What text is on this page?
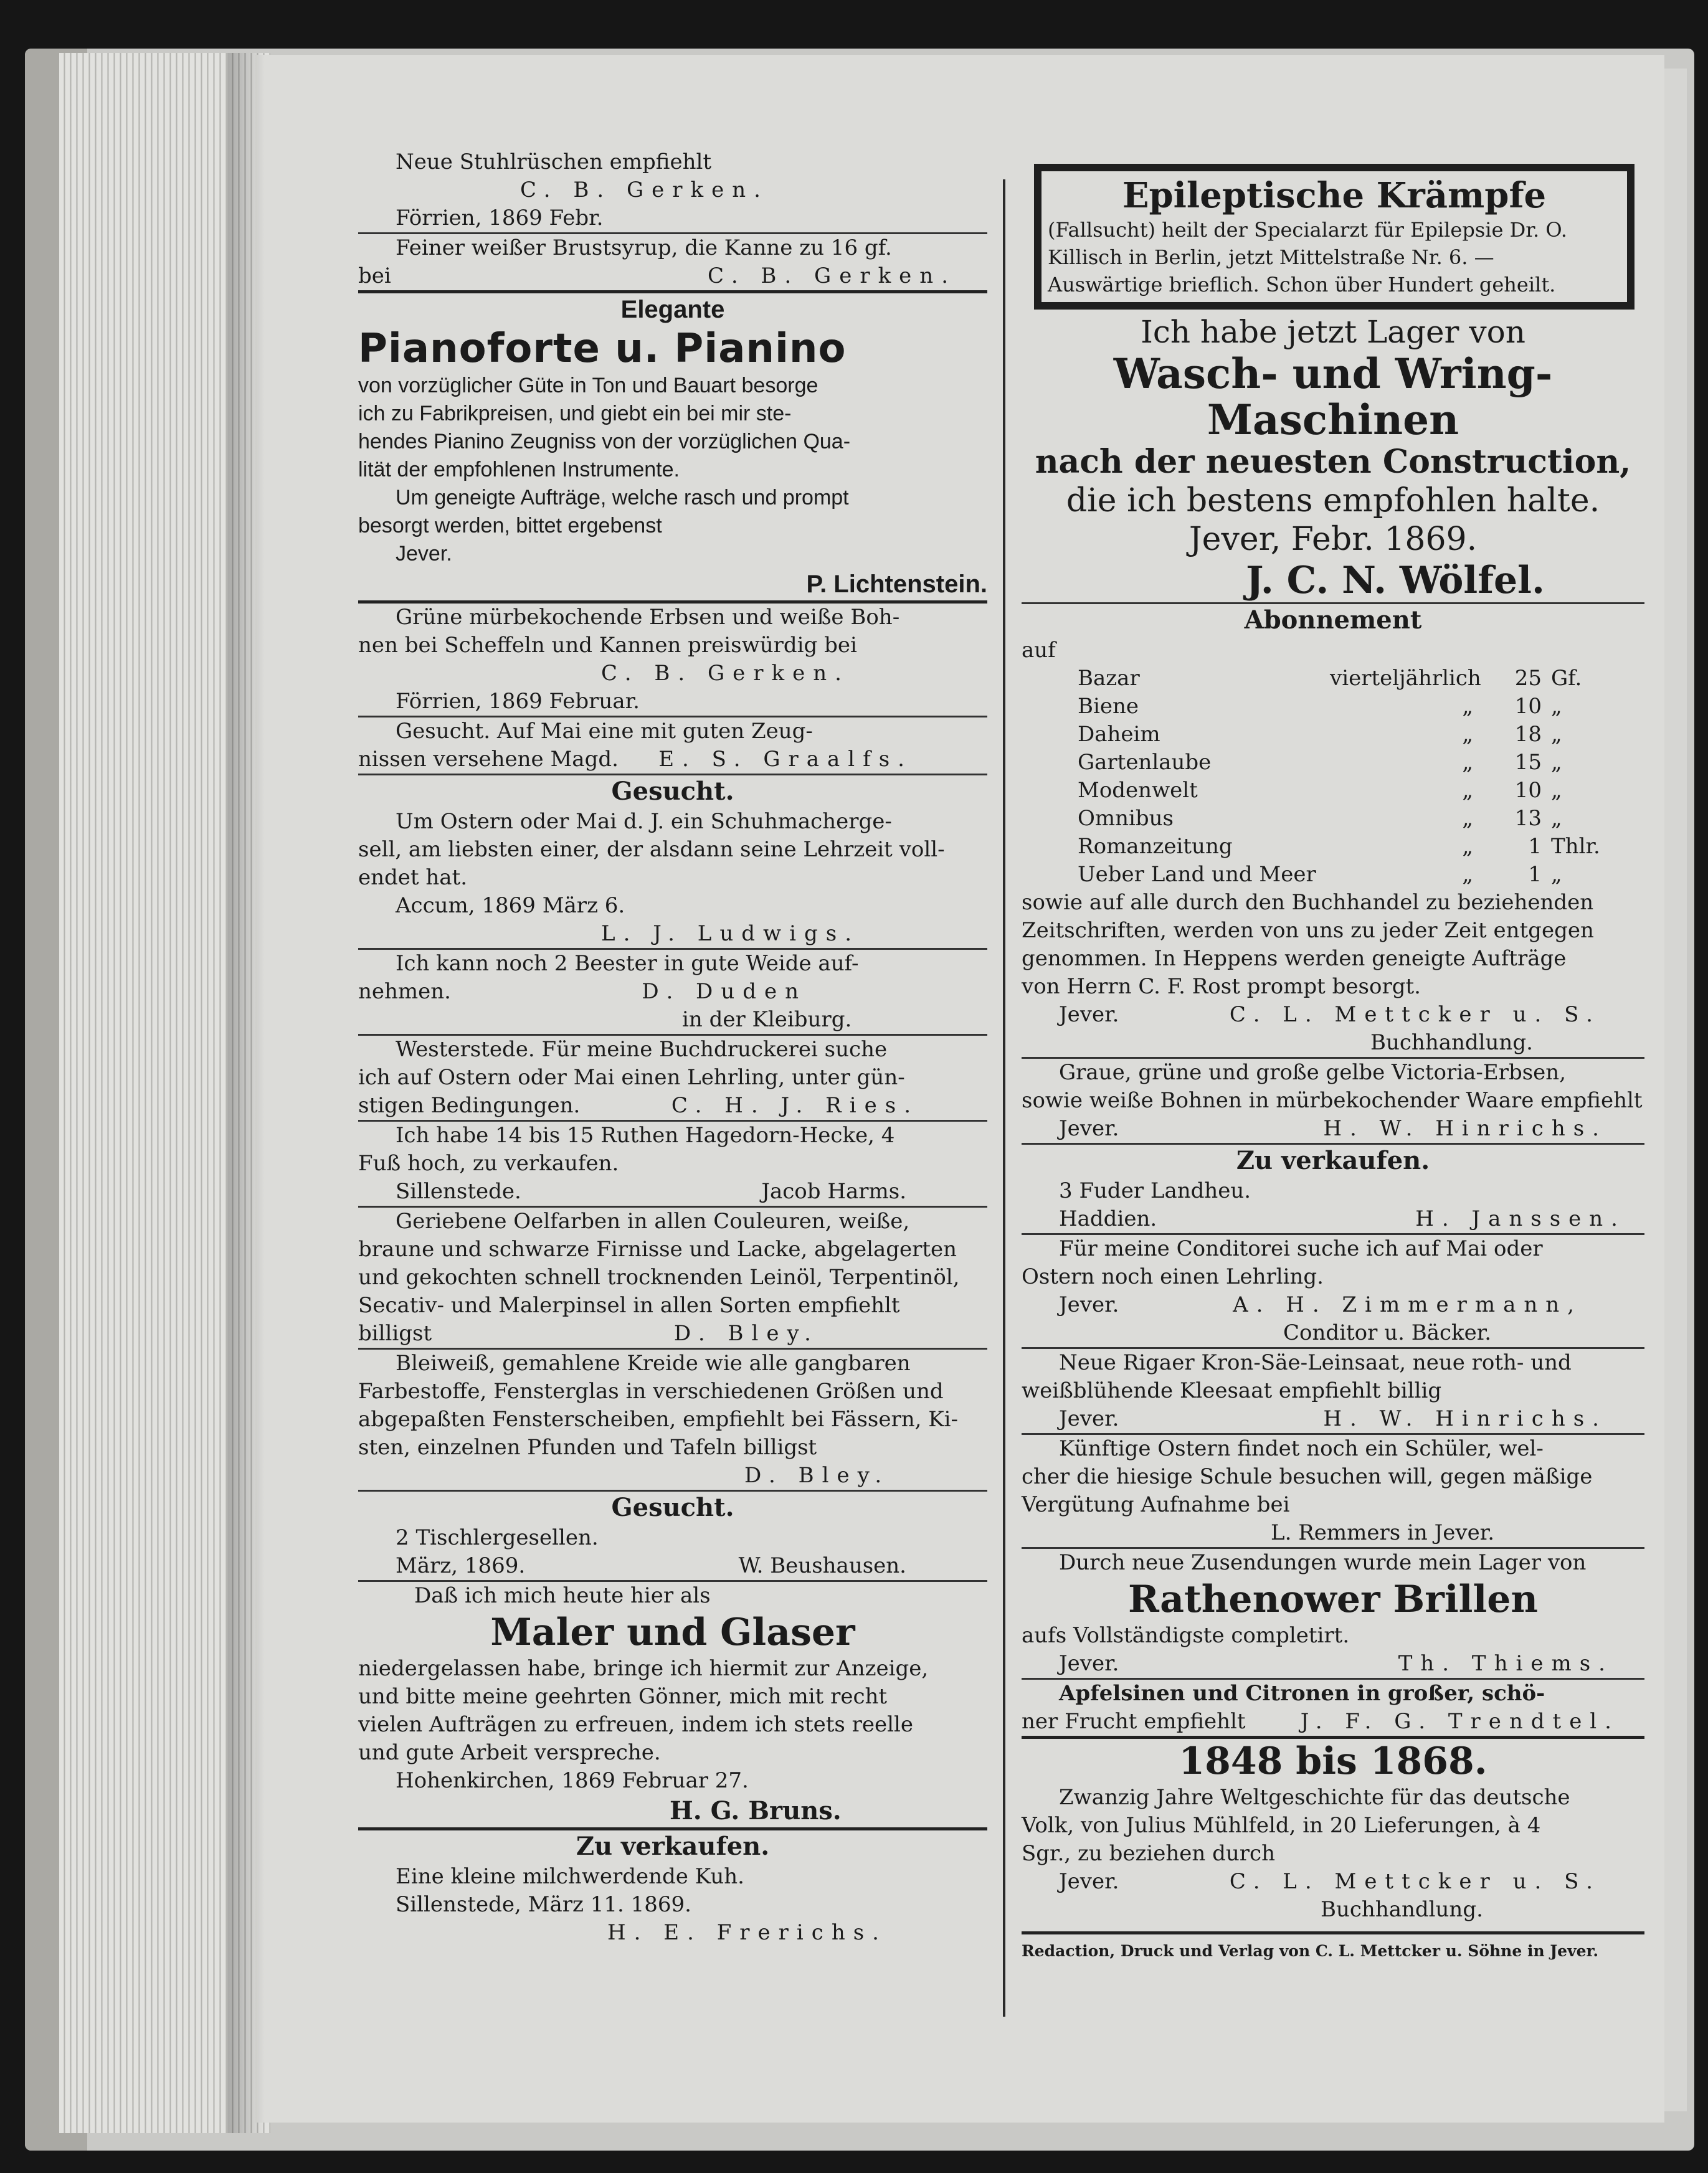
Neue Stuhlrüschen empfiehlt
C. B. Gerken.
Förrien, 1869 Febr.
Feiner weißer Brustsyrup, die Kanne zu 16 gf.
bei	C. B. Gerken.
Elegante
Pianoforte u. Pianino
von vorzüglicher Güte in Ton und Bauart besorge
ich zu Fabrikpreisen, und giebt ein bei mir ste-
hendes Pianino Zeugniss von der vorzüglichen Qua-
lität der empfohlenen Instrumente.
Um geneigte Aufträge, welche rasch und prompt
besorgt werden, bittet ergebenst
Jever.
P. Lichtenstein.
Grüne mürbekochende Erbsen und weiße Boh-
nen bei Scheffeln und Kannen preiswürdig bei
C. B. Gerken.
Förrien, 1869 Februar.
Gesucht. Auf Mai eine mit guten Zeug-
nissen versehene Magd. E. S. Graalfs.
Gesucht.
Um Ostern oder Mai d. J. ein Schuhmacherge-
sell, am liebsten einer, der alsdann seine Lehrzeit voll-
endet hat.
Accum, 1869 März 6.
L. J. Ludwigs.
Ich kann noch 2 Beester in gute Weide auf-
nehmen.	D. Duden
in der Kleiburg.
Westerstede. Für meine Buchdruckerei suche
ich auf Ostern oder Mai einen Lehrling, unter gün-
stigen Bedingungen.	C. H. J. Ries.
Ich habe 14 bis 15 Ruthen Hagedorn-Hecke, 4
Fuß hoch, zu verkaufen.
Sillenstede.	Jacob Harms.
Geriebene Oelfarben in allen Couleuren, weiße,
braune und schwarze Firnisse und Lacke, abgelagerten
und gekochten schnell trocknenden Leinöl, Terpentinöl,
Secativ- und Malerpinsel in allen Sorten empfiehlt
billigst	D. Bley.
Bleiweiß, gemahlene Kreide wie alle gangbaren
Farbestoffe, Fensterglas in verschiedenen Größen und
abgepaßten Fensterscheiben, empfiehlt bei Fässern, Ki-
sten, einzelnen Pfunden und Tafeln billigst
D. Bley.
Gesucht.
2 Tischlergesellen.
März, 1869.	W. Beushausen.
Daß ich mich heute hier als
Maler und Glaser
niedergelassen habe, bringe ich hiermit zur Anzeige,
und bitte meine geehrten Gönner, mich mit recht
vielen Aufträgen zu erfreuen, indem ich stets reelle
und gute Arbeit verspreche.
Hohenkirchen, 1869 Februar 27.
H. G. Bruns.
Zu verkaufen.
Eine kleine milchwerdende Kuh.
Sillenstede, März 11. 1869.
H. E. Frerichs.
Epileptische Krämpfe
(Fallsucht) heilt der Specialarzt für Epilepsie Dr. O.
Killisch in Berlin, jetzt Mittelstraße Nr. 6. —
Auswärtige brieflich. Schon über Hundert geheilt.
Ich habe jetzt Lager von
Wasch- und Wring-
Maschinen
nach der neuesten Construction,
die ich bestens empfohlen halte.
Jever, Febr. 1869.
J. C. N. Wölfel.
Abonnement
auf
Bazar	vierteljährlich	25 Gf.
Biene	„	10 „
Daheim	„	18 „
Gartenlaube	„	15 „
Modenwelt	„	10 „
Omnibus	„	13 „
Romanzeitung	„	1 Thlr.
Ueber Land und Meer	„	1 „
sowie auf alle durch den Buchhandel zu beziehenden
Zeitschriften, werden von uns zu jeder Zeit entgegen
genommen. In Heppens werden geneigte Aufträge
von Herrn C. F. Rost prompt besorgt.
Jever.	C. L. Mettcker u. S.
Buchhandlung.
Graue, grüne und große gelbe Victoria-Erbsen,
sowie weiße Bohnen in mürbekochender Waare empfiehlt
Jever.	H. W. Hinrichs.
Zu verkaufen.
3 Fuder Landheu.
Haddien.	H. Janssen.
Für meine Conditorei suche ich auf Mai oder
Ostern noch einen Lehrling.
Jever.	A. H. Zimmermann,
Conditor u. Bäcker.
Neue Rigaer Kron-Säe-Leinsaat, neue roth- und
weißblühende Kleesaat empfiehlt billig
Jever.	H. W. Hinrichs.
Künftige Ostern findet noch ein Schüler, wel-
cher die hiesige Schule besuchen will, gegen mäßige
Vergütung Aufnahme bei
L. Remmers in Jever.
Durch neue Zusendungen wurde mein Lager von
Rathenower Brillen
aufs Vollständigste completirt.
Jever.	Th. Thiems.
Apfelsinen und Citronen in großer, schö-
ner Frucht empfiehlt	J. F. G. Trendtel.
1848 bis 1868.
Zwanzig Jahre Weltgeschichte für das deutsche
Volk, von Julius Mühlfeld, in 20 Lieferungen, à 4
Sgr., zu beziehen durch
Jever.	C. L. Mettcker u. S.
Buchhandlung.
Redaction, Druck und Verlag von C. L. Mettcker u. Söhne in Jever.
